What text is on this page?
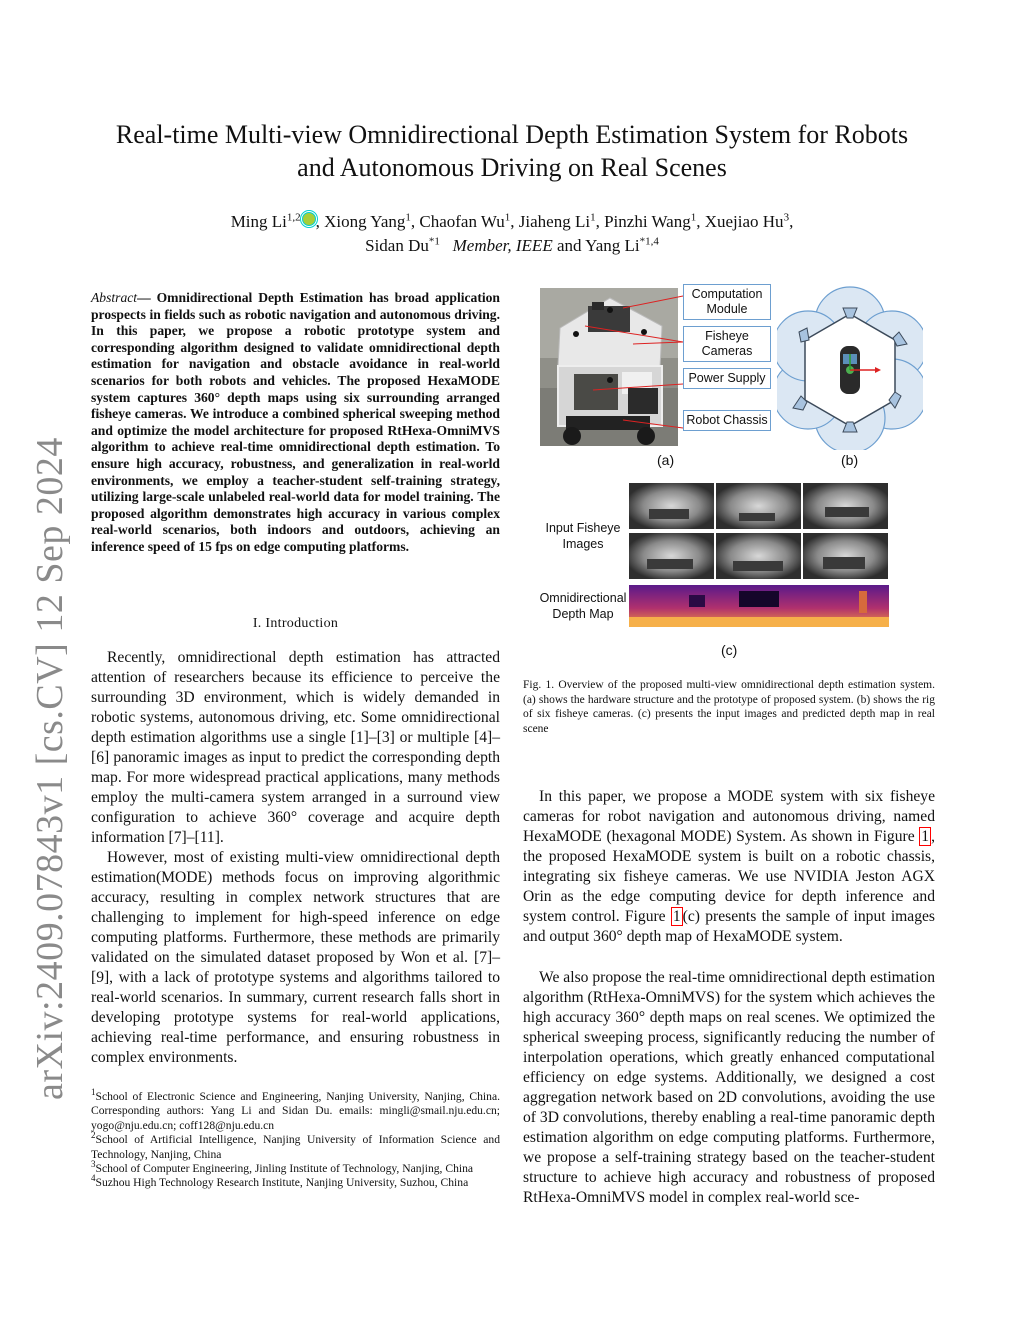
arXiv:2409.07843v1 [cs.CV] 12 Sep 2024
Real-time Multi-view Omnidirectional Depth Estimation System for Robots
and Autonomous Driving on Real Scenes
Ming Li$^{1,2}$ , Xiong Yang$^1$, Chaofan Wu$^1$, Jiaheng Li$^1$, Pinzhi Wang$^1$, Xuejiao Hu$^3$,
Sidan Du$^{*1}$ Member, IEEE and Yang Li$^{*1,4}$
Abstract— Omnidirectional Depth Estimation has broad application prospects in fields such as robotic navigation and autonomous driving. In this paper, we propose a robotic prototype system and corresponding algorithm designed to validate omnidirectional depth estimation for navigation and obstacle avoidance in real-world scenarios for both robots and vehicles. The proposed HexaMODE system captures 360° depth maps using six surrounding arranged fisheye cameras. We introduce a combined spherical sweeping method and optimize the model architecture for proposed RtHexa-OmniMVS algorithm to achieve real-time omnidirectional depth estimation. To ensure high accuracy, robustness, and generalization in real-world environments, we employ a teacher-student self-training strategy, utilizing large-scale unlabeled real-world data for model training. The proposed algorithm demonstrates high accuracy in various complex real-world scenarios, both indoors and outdoors, achieving an inference speed of 15 fps on edge computing platforms.
I. Introduction

Recently, omnidirectional depth estimation has attracted attention of researchers because its efficience to perceive the surrounding 3D environment, which is widely demanded in robotic systems, autonomous driving, etc. Some omnidirectional depth estimation algorithms use a single [1]–[3] or multiple [4]–[6] panoramic images as input to predict the corresponding depth map. For more widespread practical applications, many methods employ the multi-camera system arranged in a surround view configuration to achieve 360° coverage and acquire depth information [7]–[11].

However, most of existing multi-view omnidirectional depth estimation(MODE) methods focus on improving algorithmic accuracy, resulting in complex network structures that are challenging to implement for high-speed inference on edge computing platforms. Furthermore, these methods are primarily validated on the simulated dataset proposed by Won et al. [7]–[9], with a lack of prototype systems and algorithms tailored to real-world scenarios. In summary, current research falls short in developing prototype systems for real-world applications, achieving real-time performance, and ensuring robustness in complex environments.

$^1$School of Electronic Science and Engineering, Nanjing University, Nanjing, China. Corresponding authors: Yang Li and Sidan Du. emails: mingli@smail.nju.edu.cn; yogo@nju.edu.cn; coff128@nju.edu.cn

$^2$School of Artificial Intelligence, Nanjing University of Information Science and Technology, Nanjing, China

$^3$School of Computer Engineering, Jinling Institute of Technology, Nanjing, China

$^4$Suzhou High Technology Research Institute, Nanjing University, Suzhou, China

Computation Module
Fisheye Cameras
Power Supply
Robot Chassis
(a)	(b)
Input Fisheye Images
Omnidirectional Depth Map
(c)
Fig. 1. Overview of the proposed multi-view omnidirectional depth estimation system. (a) shows the hardware structure and the prototype of proposed system. (b) shows the rig of six fisheye cameras. (c) presents the input images and predicted depth map in real scene

In this paper, we propose a MODE system with six fisheye cameras for robot navigation and autonomous driving, named HexaMODE (hexagonal MODE) System. As shown in Figure 1 , the proposed HexaMODE system is built on a robotic chassis, integrating six fisheye cameras. We use NVIDIA Jeston AGX Orin as the edge computing device for depth inference and system control. Figure 1 (c) presents the sample of input images and output 360° depth map of HexaMODE system.

We also propose the real-time omnidirectional depth estimation algorithm (RtHexa-OmniMVS) for the system which achieves the high accuracy 360° depth maps on real scenes. We optimized the spherical sweeping process, significantly reducing the number of interpolation operations, which greatly enhanced computational efficiency on edge systems. Additionally, we designed a cost aggregation network based on 2D convolutions, avoiding the use of 3D convolutions, thereby enabling a real-time panoramic depth estimation algorithm on edge computing platforms. Furthermore, we propose a self-training strategy based on the teacher-student structure to achieve high accuracy and robustness of proposed RtHexa-OmniMVS model in complex real-world sce-
